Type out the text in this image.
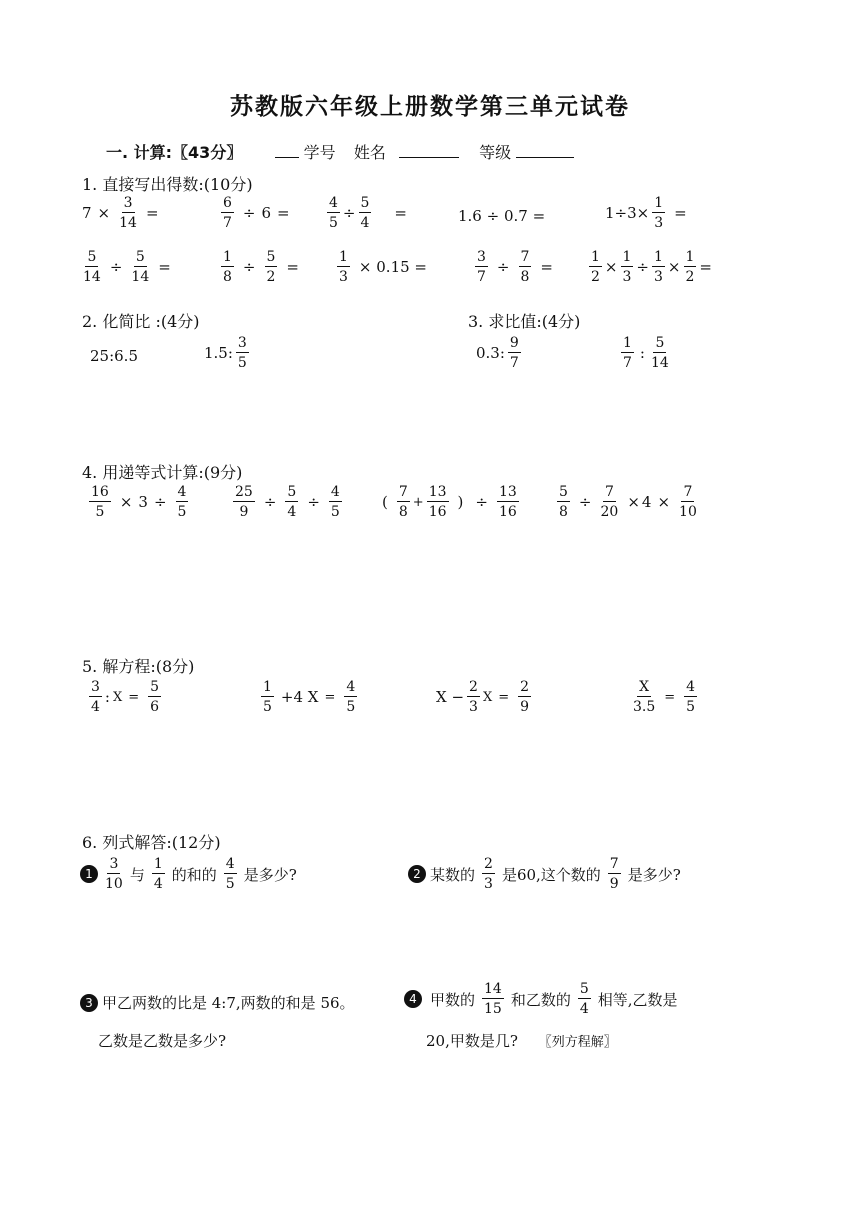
苏教版六年级上册数学第三单元试卷
一. 计算:〖43分〗	学号 姓名	等级
1. 直接写出得数:(10分)
$7 \times \frac{3}{14}$ =	$\frac{6}{7} \div 6$ =	$\frac{4}{5} \div \frac{5}{4}$ =	1.6 ÷ 0.7 =	$1\div 3\times \frac{1}{3}$ =
$\frac{5}{14} \div \frac{5}{14}$ =	$\frac{1}{8} \div \frac{5}{2}$ =	$\frac{1}{3} \times 0.15$ =	$\frac{3}{7} \div \frac{7}{8}$ =	$\frac{1}{2} \times \frac{1}{3} \div \frac{1}{3} \times \frac{1}{2}$ =
2. 化简比 :(4分)	3. 求比值:(4分)
25:6.5	1.5: $\frac{3}{5}$	0.3: $\frac{9}{7}$	$\frac{1}{7}$ : $\frac{5}{14}$
4. 用递等式计算:(9分)
$\frac{16}{5} \times 3 \div \frac{4}{5}$	$\frac{25}{9} \div \frac{5}{4} \div \frac{4}{5}$	( $\frac{7}{8} + \frac{13}{16}$ ) ÷ $\frac{13}{16}$	$\frac{5}{8} \div \frac{7}{20} \times 4 \times \frac{7}{10}$
5. 解方程:(8分)
$\frac{3}{4}$ : $X = \frac{5}{6}$	$\frac{1}{5} +4$ $X = \frac{4}{5}$	$X - \frac{2}{3}$ $X = \frac{2}{9}$	$\frac{X}{3.5} = \frac{4}{5}$
6. 列式解答:(12分)
$1 \frac{3}{10}$ 与 $\frac{1}{4}$ 的和的 $\frac{4}{5}$ 是多少?	2 某数的 $\frac{2}{3}$ 是60,这个数的 $\frac{7}{9}$ 是多少?
3 甲乙两数的比是 4:7,两数的和是 56。
乙数是乙数是多少?
4 甲数的 $\frac{14}{15}$ 和乙数的 $\frac{5}{4}$ 相等,乙数是
20,甲数是几? 〖列方程解〗
